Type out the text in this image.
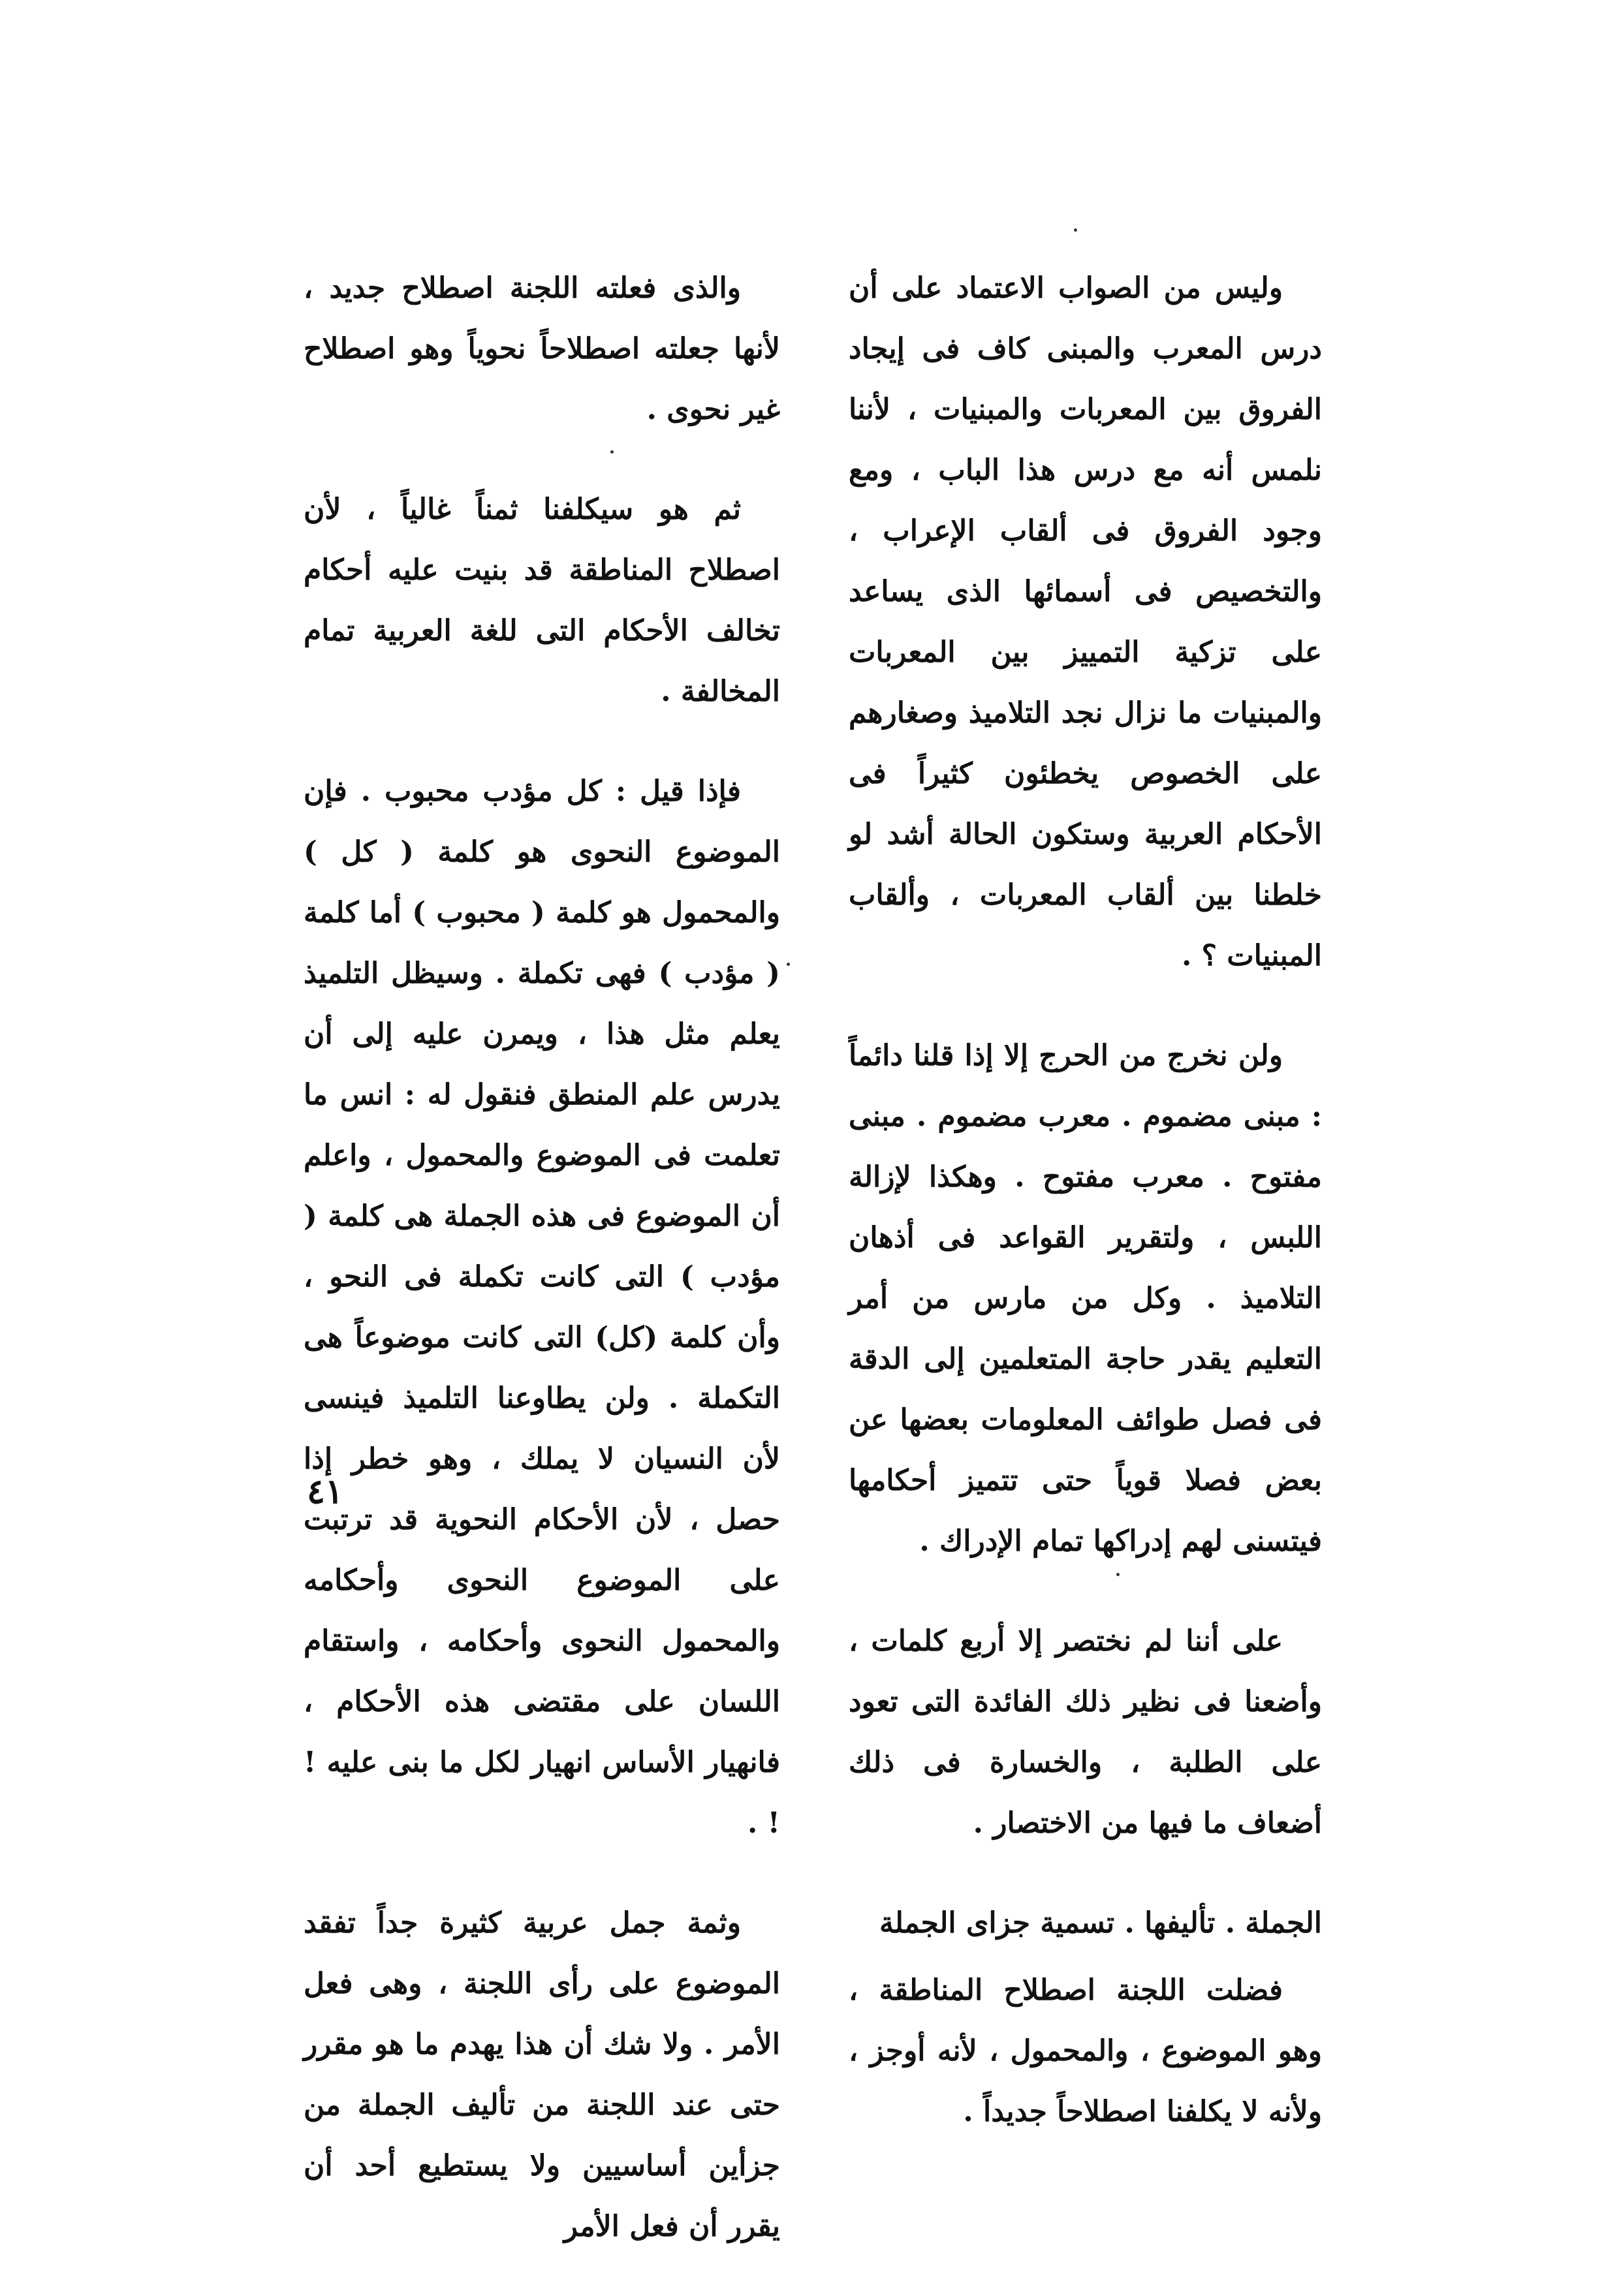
وليس من الصواب الاعتماد على أن درس المعرب والمبنى كاف فى إيجاد الفروق بين المعربات والمبنيات ، لأننا نلمس أنه مع درس هذا الباب ، ومع وجود الفروق فى ألقاب الإعراب ، والتخصيص فى أسمائها الذى يساعد على تزكية التمييز بين المعربات والمبنيات ما نزال نجد التلاميذ وصغارهم على الخصوص يخطئون كثيراً فى الأحكام العربية وستكون الحالة أشد لو خلطنا بين ألقاب المعربات ، وألقاب المبنيات ؟ .

ولن نخرج من الحرج إلا إذا قلنا دائماً : مبنى مضموم . معرب مضموم . مبنى مفتوح . معرب مفتوح . وهكذا لإزالة اللبس ، ولتقرير القواعد فى أذهان التلاميذ . وكل من مارس من أمر التعليم يقدر حاجة المتعلمين إلى الدقة فى فصل طوائف المعلومات بعضها عن بعض فصلا قوياً حتى تتميز أحكامها فيتسنى لهم إدراكها تمام الإدراك .

على أننا لم نختصر إلا أربع كلمات ، وأضعنا فى نظير ذلك الفائدة التى تعود على الطلبة ، والخسارة فى ذلك أضعاف ما فيها من الاختصار .

الجملة . تأليفها . تسمية جزاى الجملة

فضلت اللجنة اصطلاح المناطقة ، وهو الموضوع ، والمحمول ، لأنه أوجز ، ولأنه لا يكلفنا اصطلاحاً جديداً .

والذى فعلته اللجنة اصطلاح جديد ، لأنها جعلته اصطلاحاً نحوياً وهو اصطلاح غير نحوى .

ثم هو سيكلفنا ثمناً غالياً ، لأن اصطلاح المناطقة قد بنيت عليه أحكام تخالف الأحكام التى للغة العربية تمام المخالفة .

فإذا قيل : كل مؤدب محبوب . فإن الموضوع النحوى هو كلمة ( كل ) والمحمول هو كلمة ( محبوب ) أما كلمة ( مؤدب ) فهى تكملة . وسيظل التلميذ يعلم مثل هذا ، ويمرن عليه إلى أن يدرس علم المنطق فنقول له : انس ما تعلمت فى الموضوع والمحمول ، واعلم أن الموضوع فى هذه الجملة هى كلمة ( مؤدب ) التى كانت تكملة فى النحو ، وأن كلمة (كل) التى كانت موضوعاً هى التكملة . ولن يطاوعنا التلميذ فينسى لأن النسيان لا يملك ، وهو خطر إذا حصل ، لأن الأحكام النحوية قد ترتبت على الموضوع النحوى وأحكامه والمحمول النحوى وأحكامه ، واستقام اللسان على مقتضى هذه الأحكام ، فانهيار الأساس انهيار لكل ما بنى عليه ! ! .

وثمة جمل عربية كثيرة جداً تفقد الموضوع على رأى اللجنة ، وهى فعل الأمر . ولا شك أن هذا يهدم ما هو مقرر حتى عند اللجنة من تأليف الجملة من جزأين أساسيين ولا يستطيع أحد أن يقرر أن فعل الأمر

٤١
